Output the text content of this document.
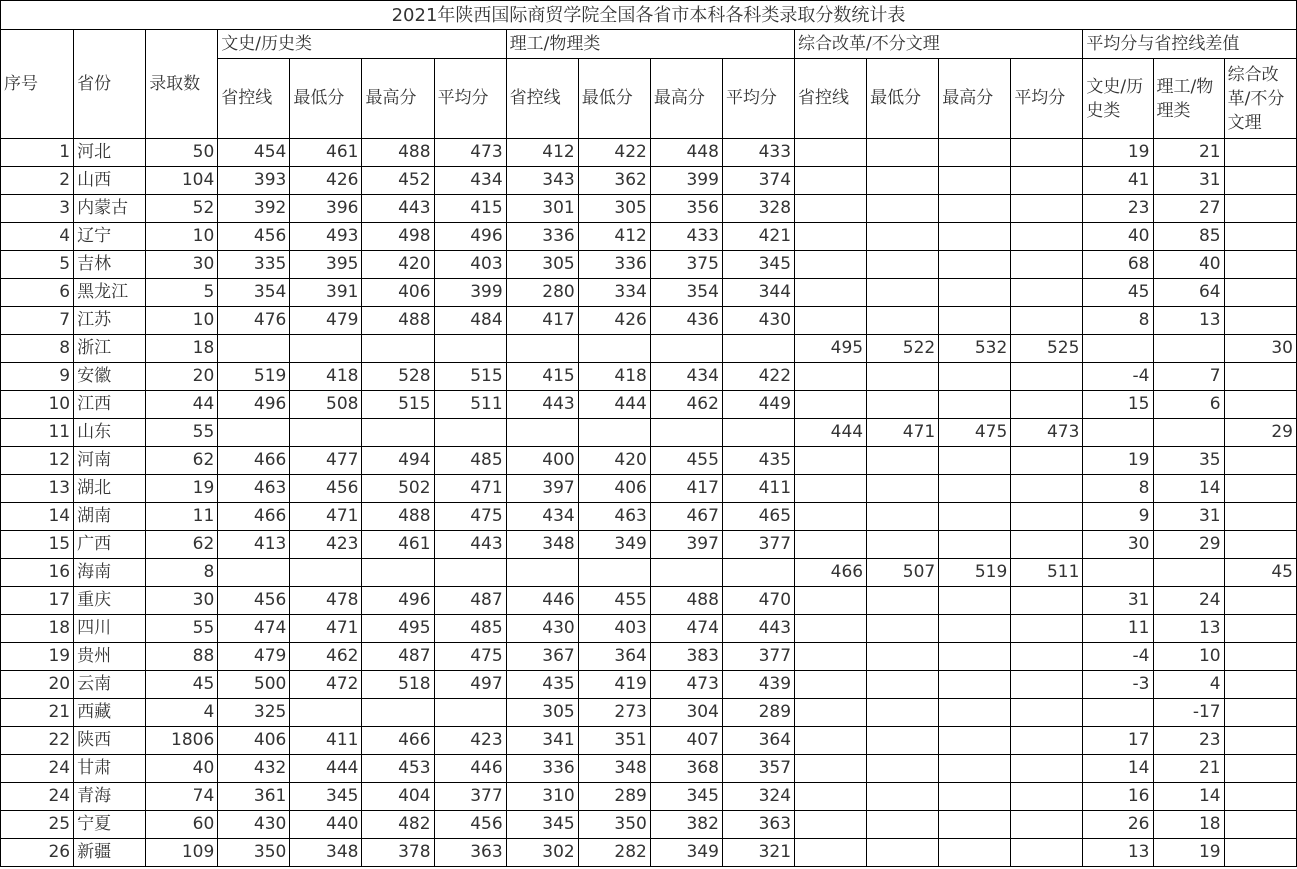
2021年陕西国际商贸学院全国各省市本科各科类录取分数统计表																	
序号	省份	录取数	文史/历史类				理工/物理类				综合改革/不分文理				平均分与省控线差值		
			省控线	最低分	最高分	平均分	省控线	最低分	最高分	平均分	省控线	最低分	最高分	平均分	文史/历史类	理工/物理类	综合改革/不分文理
1	河北	50	454	461	488	473	412	422	448	433					19	21	
2	山西	104	393	426	452	434	343	362	399	374					41	31	
3	内蒙古	52	392	396	443	415	301	305	356	328					23	27	
4	辽宁	10	456	493	498	496	336	412	433	421					40	85	
5	吉林	30	335	395	420	403	305	336	375	345					68	40	
6	黑龙江	5	354	391	406	399	280	334	354	344					45	64	
7	江苏	10	476	479	488	484	417	426	436	430					8	13	
8	浙江	18									495	522	532	525			30
9	安徽	20	519	418	528	515	415	418	434	422					-4	7	
10	江西	44	496	508	515	511	443	444	462	449					15	6	
11	山东	55									444	471	475	473			29
12	河南	62	466	477	494	485	400	420	455	435					19	35	
13	湖北	19	463	456	502	471	397	406	417	411					8	14	
14	湖南	11	466	471	488	475	434	463	467	465					9	31	
15	广西	62	413	423	461	443	348	349	397	377					30	29	
16	海南	8									466	507	519	511			45
17	重庆	30	456	478	496	487	446	455	488	470					31	24	
18	四川	55	474	471	495	485	430	403	474	443					11	13	
19	贵州	88	479	462	487	475	367	364	383	377					-4	10	
20	云南	45	500	472	518	497	435	419	473	439					-3	4	
21	西藏	4	325				305	273	304	289						-17	
22	陕西	1806	406	411	466	423	341	351	407	364					17	23	
24	甘肃	40	432	444	453	446	336	348	368	357					14	21	
24	青海	74	361	345	404	377	310	289	345	324					16	14	
25	宁夏	60	430	440	482	456	345	350	382	363					26	18	
26	新疆	109	350	348	378	363	302	282	349	321					13	19	
